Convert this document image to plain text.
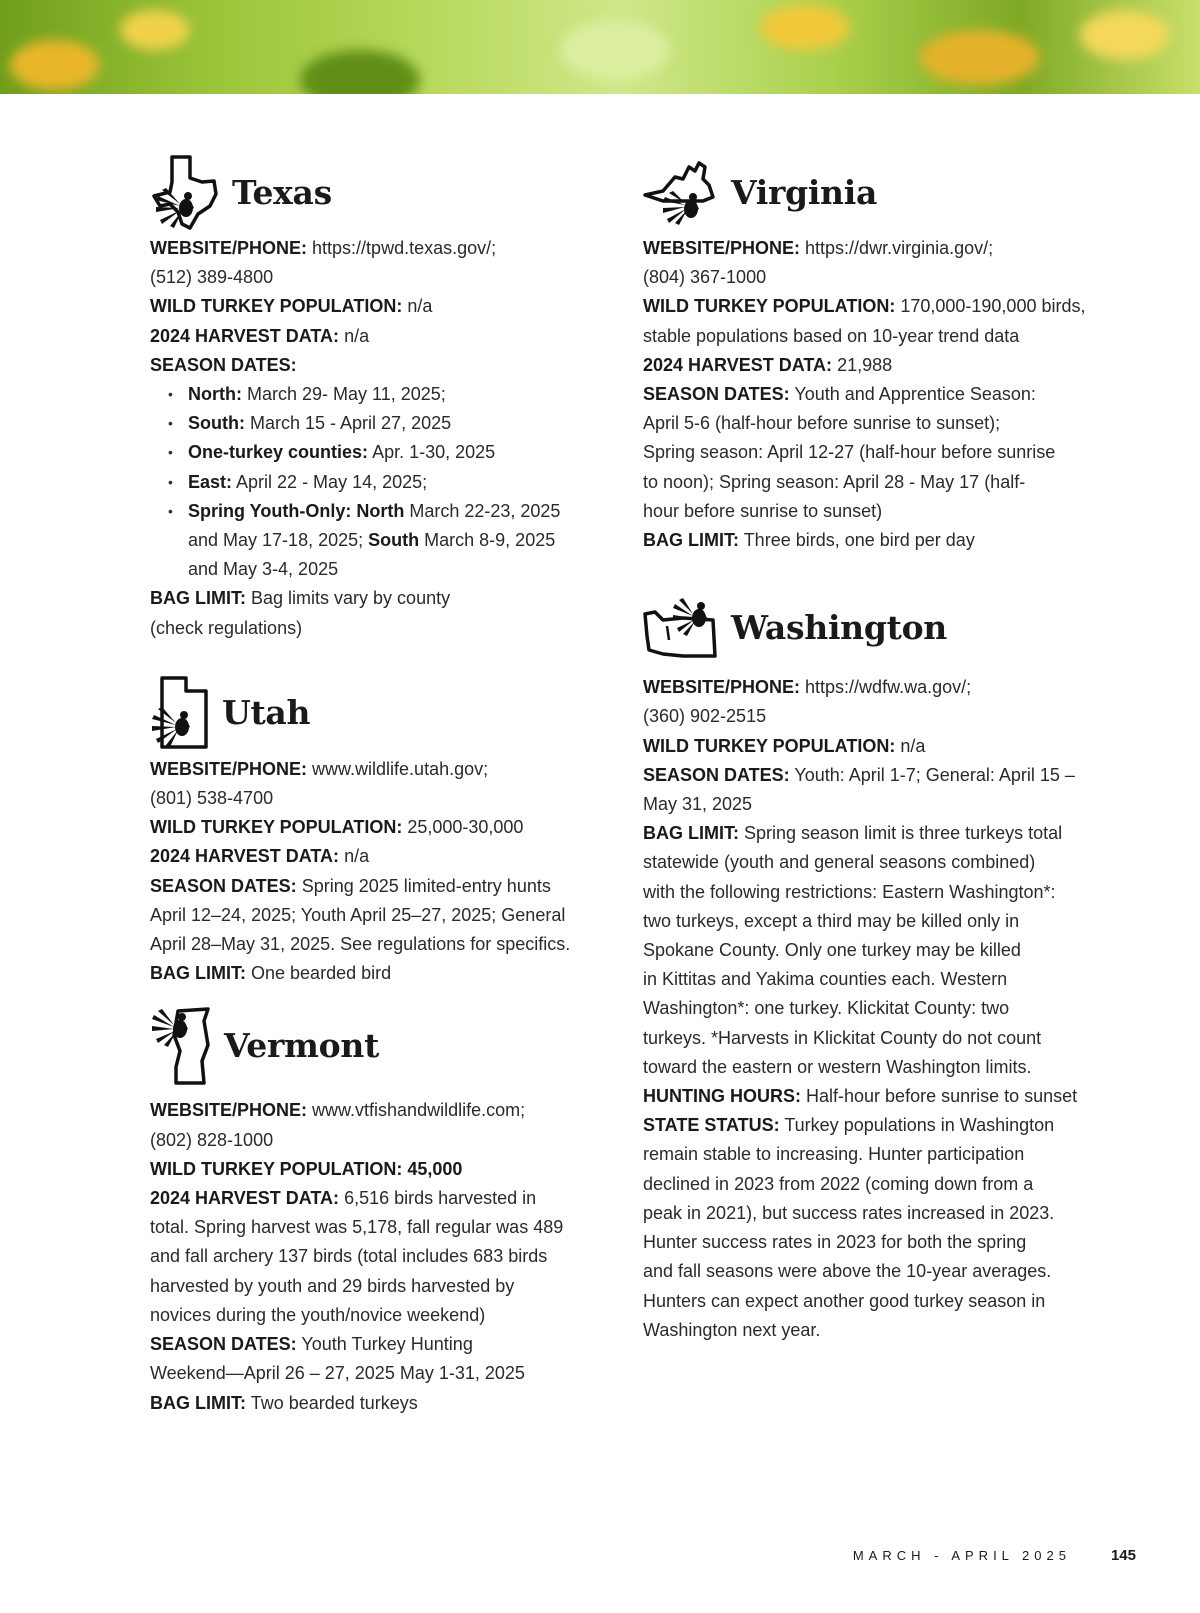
Texas

WEBSITE/PHONE: https://tpwd.texas.gov/;

(512) 389-4800

WILD TURKEY POPULATION: n/a

2024 HARVEST DATA: n/a

SEASON DATES:

• North: March 29- May 11, 2025;
• South: March 15 - April 27, 2025
• One-turkey counties: Apr. 1-30, 2025
• East: April 22 - May 14, 2025;
• Spring Youth-Only: North March 22-23, 2025
and May 17-18, 2025; South March 8-9, 2025
and May 3-4, 2025

BAG LIMIT: Bag limits vary by county

(check regulations)

Utah

WEBSITE/PHONE: www.wildlife.utah.gov;

(801) 538-4700

WILD TURKEY POPULATION: 25,000-30,000

2024 HARVEST DATA: n/a

SEASON DATES: Spring 2025 limited-entry hunts

April 12–24, 2025; Youth April 25–27, 2025; General

April 28–May 31, 2025. See regulations for specifics.

BAG LIMIT: One bearded bird

Vermont

WEBSITE/PHONE: www.vtfishandwildlife.com;

(802) 828-1000

WILD TURKEY POPULATION: 45,000

2024 HARVEST DATA: 6,516 birds harvested in

total. Spring harvest was 5,178, fall regular was 489

and fall archery 137 birds (total includes 683 birds

harvested by youth and 29 birds harvested by

novices during the youth/novice weekend)

SEASON DATES: Youth Turkey Hunting

Weekend—April 26 – 27, 2025 May 1-31, 2025

BAG LIMIT: Two bearded turkeys

Virginia

WEBSITE/PHONE: https://dwr.virginia.gov/;

(804) 367-1000

WILD TURKEY POPULATION: 170,000-190,000 birds,

stable populations based on 10-year trend data

2024 HARVEST DATA: 21,988

SEASON DATES: Youth and Apprentice Season:

April 5-6 (half-hour before sunrise to sunset);

Spring season: April 12-27 (half-hour before sunrise

to noon); Spring season: April 28 - May 17 (half-

hour before sunrise to sunset)

BAG LIMIT: Three birds, one bird per day

Washington

WEBSITE/PHONE: https://wdfw.wa.gov/;

(360) 902-2515

WILD TURKEY POPULATION: n/a

SEASON DATES: Youth: April 1-7; General: April 15 –

May 31, 2025

BAG LIMIT: Spring season limit is three turkeys total

statewide (youth and general seasons combined)

with the following restrictions: Eastern Washington*:

two turkeys, except a third may be killed only in

Spokane County. Only one turkey may be killed

in Kittitas and Yakima counties each. Western

Washington*: one turkey. Klickitat County: two

turkeys. *Harvests in Klickitat County do not count

toward the eastern or western Washington limits.

HUNTING HOURS: Half-hour before sunrise to sunset

STATE STATUS: Turkey populations in Washington

remain stable to increasing. Hunter participation

declined in 2023 from 2022 (coming down from a

peak in 2021), but success rates increased in 2023.

Hunter success rates in 2023 for both the spring

and fall seasons were above the 10-year averages.

Hunters can expect another good turkey season in

Washington next year.

MARCH - APRIL 2025	145
